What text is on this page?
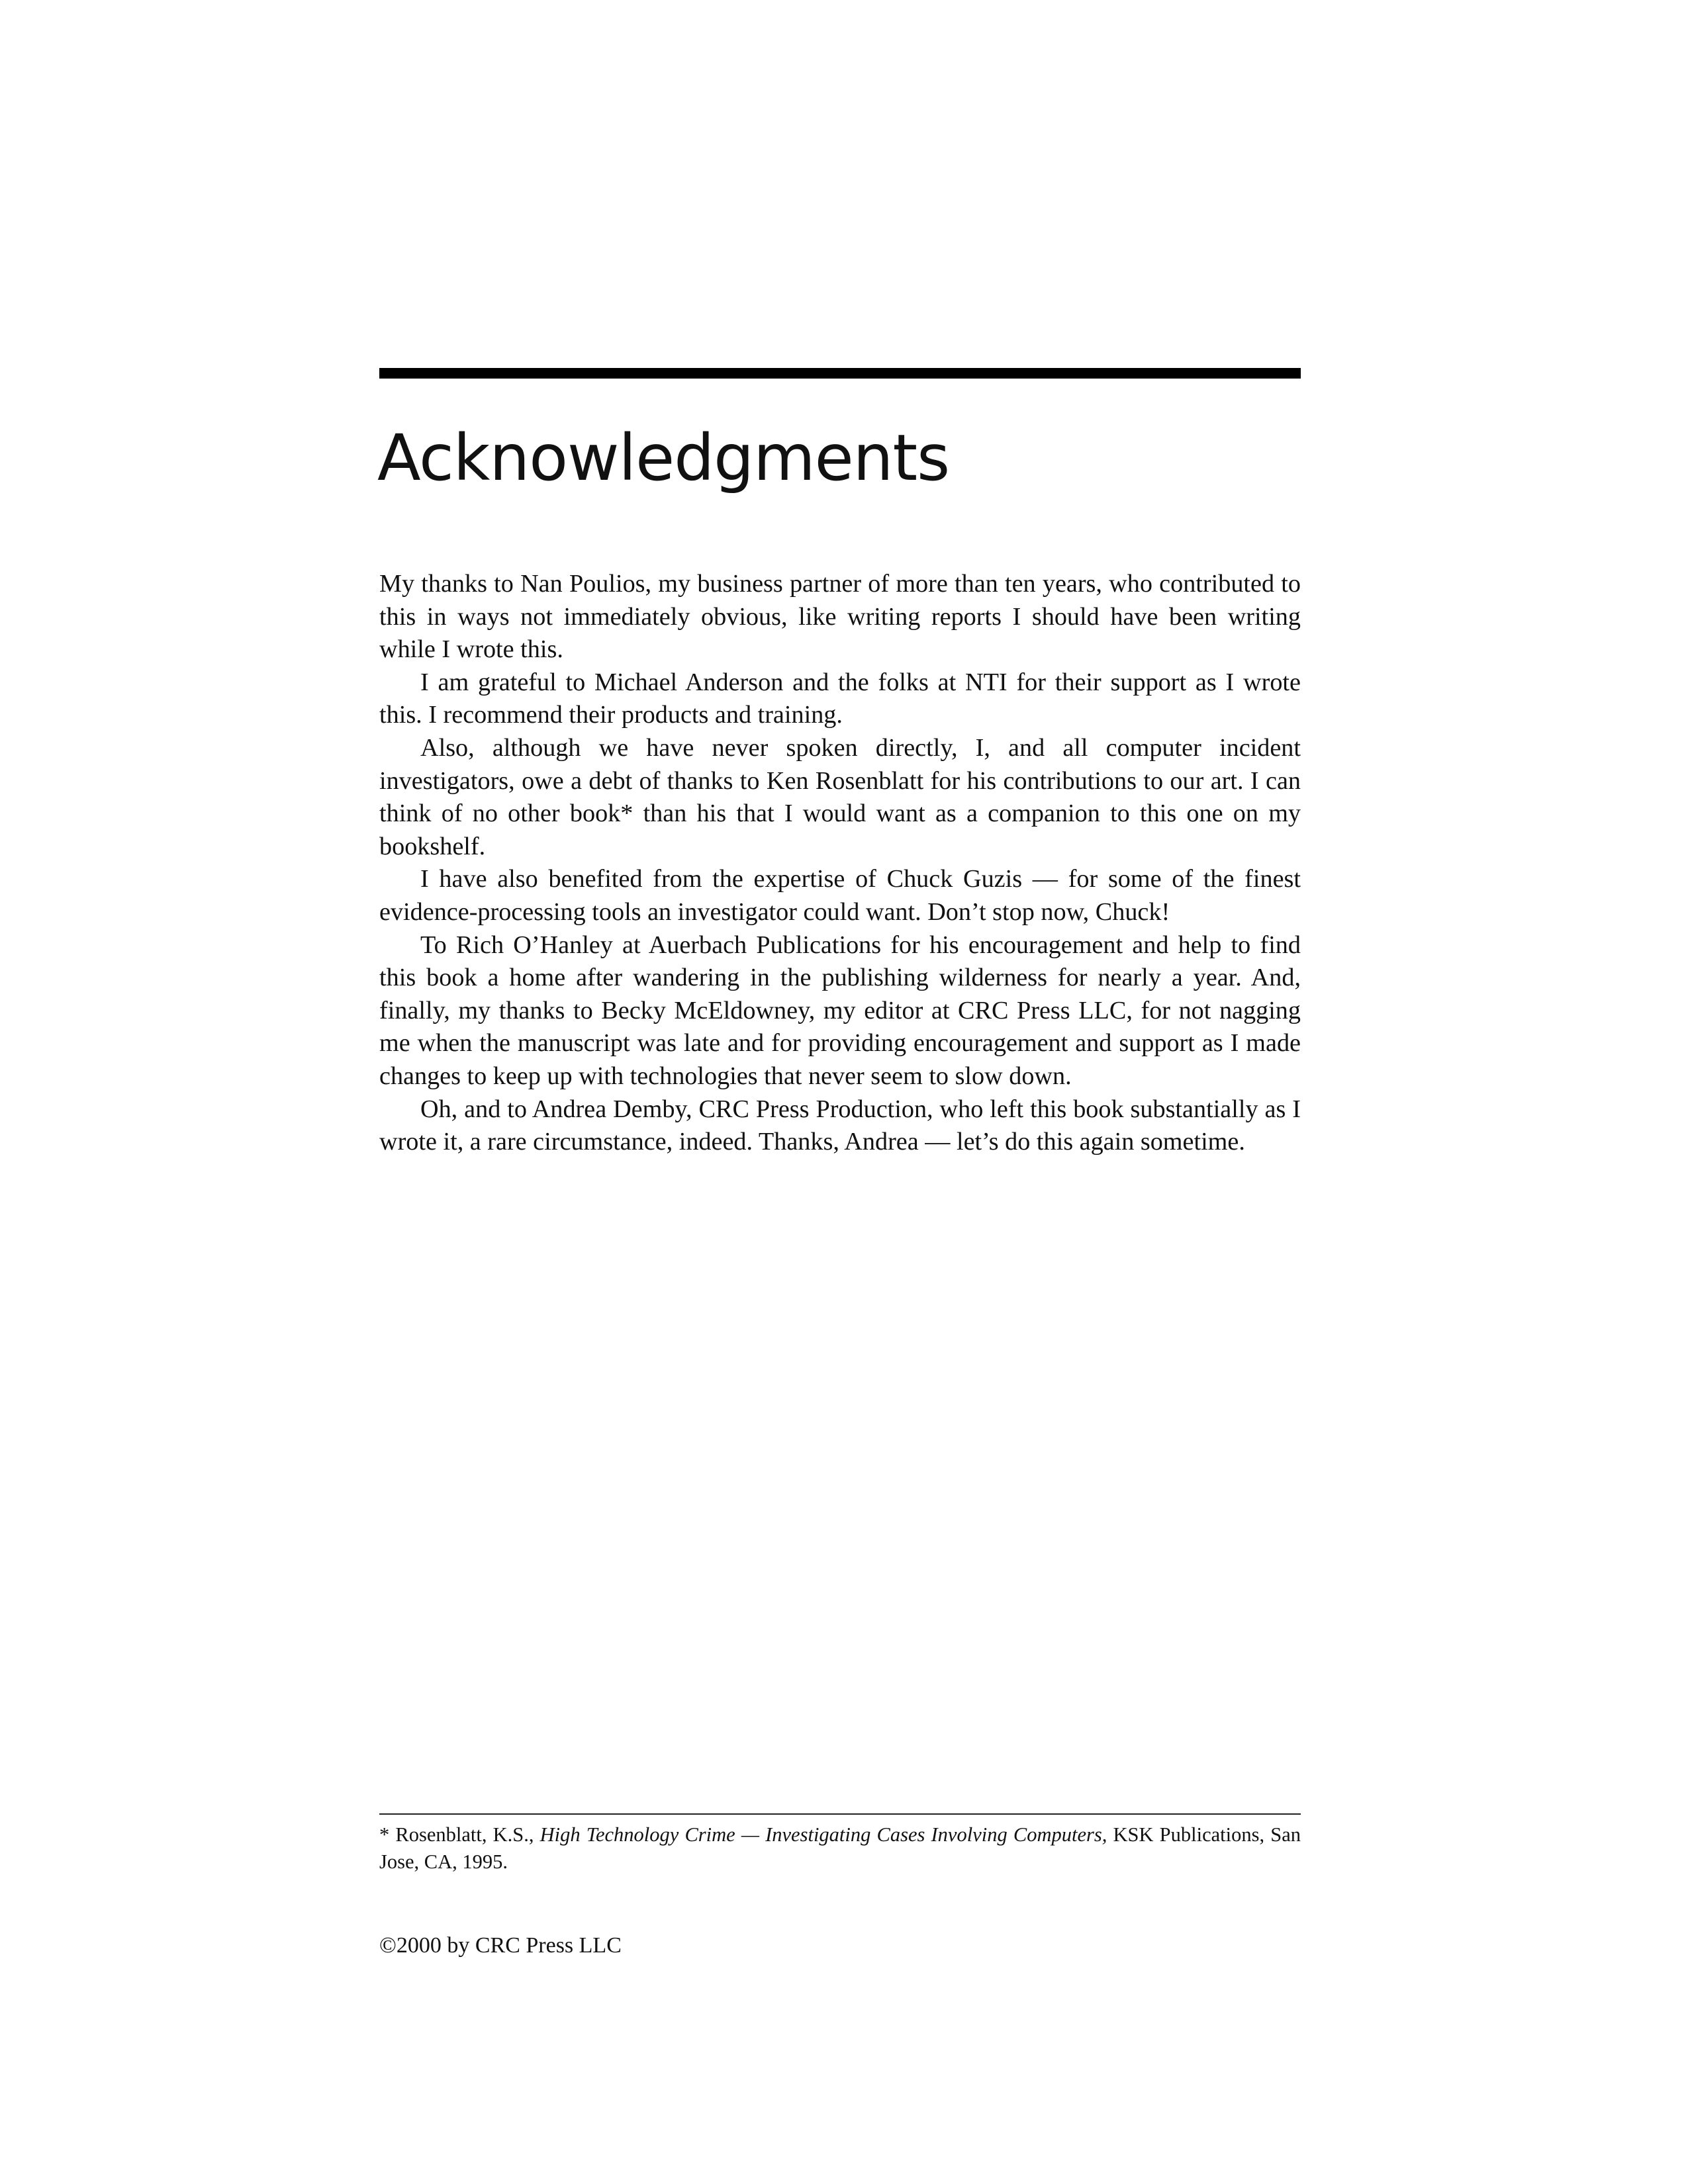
Acknowledgments

My thanks to Nan Poulios, my business partner of more than ten years, who contributed to this in ways not immediately obvious, like writing reports I should have been writing while I wrote this.

I am grateful to Michael Anderson and the folks at NTI for their support as I wrote this. I recommend their products and training.

Also, although we have never spoken directly, I, and all computer incident investigators, owe a debt of thanks to Ken Rosenblatt for his contributions to our art. I can think of no other book* than his that I would want as a companion to this one on my bookshelf.

I have also benefited from the expertise of Chuck Guzis — for some of the finest evidence-processing tools an investigator could want. Don’t stop now, Chuck!

To Rich O’Hanley at Auerbach Publications for his encouragement and help to find this book a home after wandering in the publishing wilderness for nearly a year. And, finally, my thanks to Becky McEldowney, my editor at CRC Press LLC, for not nagging me when the manuscript was late and for providing encouragement and support as I made changes to keep up with technologies that never seem to slow down.

Oh, and to Andrea Demby, CRC Press Production, who left this book substantially as I wrote it, a rare circumstance, indeed. Thanks, Andrea — let’s do this again sometime.

* Rosenblatt, K.S., High Technology Crime — Investigating Cases Involving Computers, KSK Publications, San Jose, CA, 1995.

©2000 by CRC Press LLC
